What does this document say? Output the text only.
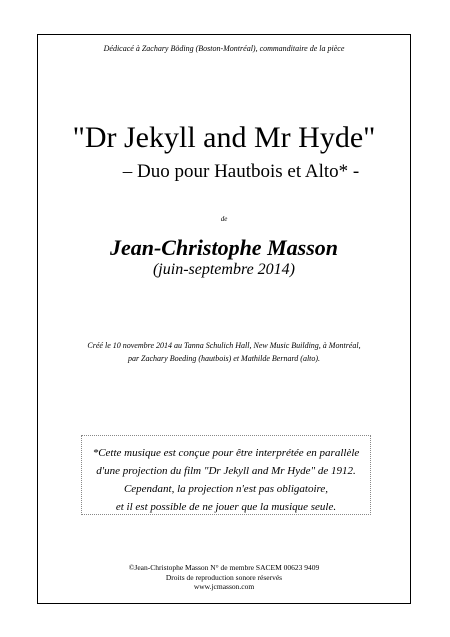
Dédicacé à Zachary Böding (Boston-Montréal), commanditaire de la pièce
"Dr Jekyll and Mr Hyde"
– Duo pour Hautbois et Alto* -
de
Jean-Christophe Masson
(juin-septembre 2014)
Créé le 10 novembre 2014 au Tanna Schulich Hall, New Music Building, à Montréal,
par Zachary Boeding (hautbois) et Mathilde Bernard (alto).
*Cette musique est conçue pour être interprétée en parallèle
d'une projection du film "Dr Jekyll and Mr Hyde" de 1912.
Cependant, la projection n'est pas obligatoire,
et il est possible de ne jouer que la musique seule.
©Jean-Christophe Masson N° de membre SACEM 00623 9409
Droits de reproduction sonore réservés
www.jcmasson.com
